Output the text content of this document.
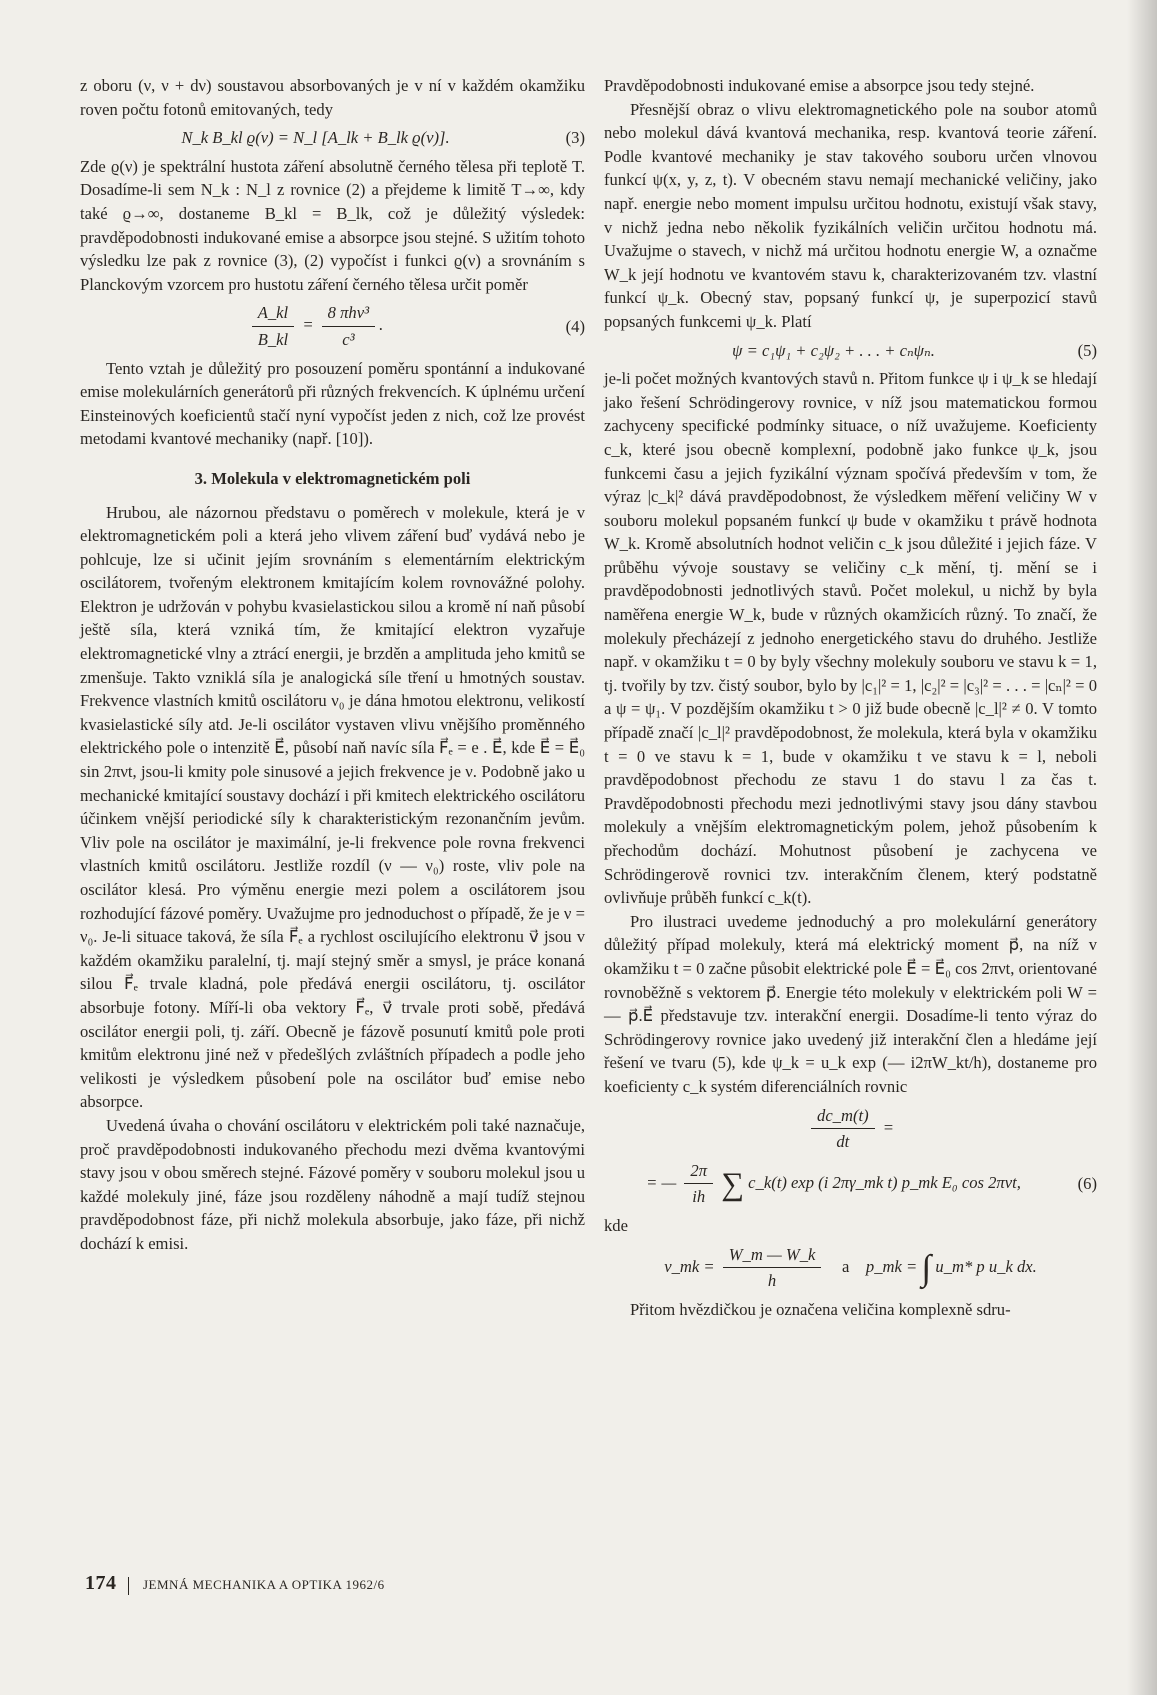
z oboru (ν, ν + dν) soustavou absorbovaných je v ní v každém okamžiku roven počtu fotonů emitovaných, tedy

N_k B_kl ϱ(ν) = N_l [A_lk + B_lk ϱ(ν)].	(3)

Zde ϱ(ν) je spektrální hustota záření absolutně černého tělesa při teplotě T. Dosadíme-li sem N_k : N_l z rovnice (2) a přejdeme k limitě T→∞, kdy také ϱ→∞, dostaneme B_kl = B_lk, což je důležitý výsledek: pravděpodobnosti indukované emise a absorpce jsou stejné. S užitím tohoto výsledku lze pak z rovnice (3), (2) vypočíst i funkci ϱ(ν) a srovnáním s Planckovým vzorcem pro hustotu záření černého tělesa určit poměr

$\frac{A\_kl}{B\_kl} = \frac{\text{8 πhν³}}{\text{c³}}$ .	(4)

Tento vztah je důležitý pro posouzení poměru spontánní a indukované emise molekulárních generátorů při různých frekvencích. K úplnému určení Einsteinových koeficientů stačí nyní vypočíst jeden z nich, což lze provést metodami kvantové mechaniky (např. [10]).

3. Molekula v elektromagnetickém poli

Hrubou, ale názornou představu o poměrech v molekule, která je v elektromagnetickém poli a která jeho vlivem záření buď vydává nebo je pohlcuje, lze si učinit jejím srovnáním s elementárním elektrickým oscilátorem, tvořeným elektronem kmitajícím kolem rovnovážné polohy. Elektron je udržován v pohybu kvasielastickou silou a kromě ní naň působí ještě síla, která vzniká tím, že kmitající elektron vyzařuje elektromagnetické vlny a ztrácí energii, je brzděn a amplituda jeho kmitů se zmenšuje. Takto vzniklá síla je analogická síle tření u hmotných soustav. Frekvence vlastních kmitů oscilátoru ν₀ je dána hmotou elektronu, velikostí kvasielastické síly atd. Je-li oscilátor vystaven vlivu vnějšího proměnného elektrického pole o intenzitě E⃗, působí naň navíc síla F⃗ₑ = e . E⃗, kde E⃗ = E⃗₀ sin 2πνt, jsou-li kmity pole sinusové a jejich frekvence je ν. Podobně jako u mechanické kmitající soustavy dochází i při kmitech elektrického oscilátoru účinkem vnější periodické síly k charakteristickým rezonančním jevům. Vliv pole na oscilátor je maximální, je-li frekvence pole rovna frekvenci vlastních kmitů oscilátoru. Jestliže rozdíl (ν — ν₀) roste, vliv pole na oscilátor klesá. Pro výměnu energie mezi polem a oscilátorem jsou rozhodující fázové poměry. Uvažujme pro jednoduchost o případě, že je ν = ν₀. Je-li situace taková, že síla F⃗ₑ a rychlost oscilujícího elektronu v⃗ jsou v každém okamžiku paralelní, tj. mají stejný směr a smysl, je práce konaná silou F⃗ₑ trvale kladná, pole předává energii oscilátoru, tj. oscilátor absorbuje fotony. Míří-li oba vektory F⃗ₑ, v⃗ trvale proti sobě, předává oscilátor energii poli, tj. září. Obecně je fázově posunutí kmitů pole proti kmitům elektronu jiné než v předešlých zvláštních případech a podle jeho velikosti je výsledkem působení pole na oscilátor buď emise nebo absorpce.

Uvedená úvaha o chování oscilátoru v elektrickém poli také naznačuje, proč pravděpodobnosti indukovaného přechodu mezi dvěma kvantovými stavy jsou v obou směrech stejné. Fázové poměry v souboru molekul jsou u každé molekuly jiné, fáze jsou rozděleny náhodně a mají tudíž stejnou pravděpodobnost fáze, při nichž molekula absorbuje, jako fáze, při nichž dochází k emisi.

Pravděpodobnosti indukované emise a absorpce jsou tedy stejné.

Přesnější obraz o vlivu elektromagnetického pole na soubor atomů nebo molekul dává kvantová mechanika, resp. kvantová teorie záření. Podle kvantové mechaniky je stav takového souboru určen vlnovou funkcí ψ(x, y, z, t). V obecném stavu nemají mechanické veličiny, jako např. energie nebo moment impulsu určitou hodnotu, existují však stavy, v nichž jedna nebo několik fyzikálních veličin určitou hodnotu má. Uvažujme o stavech, v nichž má určitou hodnotu energie W, a označme W_k její hodnotu ve kvantovém stavu k, charakterizovaném tzv. vlastní funkcí ψ_k. Obecný stav, popsaný funkcí ψ, je superpozicí stavů popsaných funkcemi ψ_k. Platí

ψ = c₁ψ₁ + c₂ψ₂ + . . . + cₙψₙ.	(5)

je-li počet možných kvantových stavů n. Přitom funkce ψ i ψ_k se hledají jako řešení Schrödingerovy rovnice, v níž jsou matematickou formou zachyceny specifické podmínky situace, o níž uvažujeme. Koeficienty c_k, které jsou obecně komplexní, podobně jako funkce ψ_k, jsou funkcemi času a jejich fyzikální význam spočívá především v tom, že výraz |c_k|² dává pravděpodobnost, že výsledkem měření veličiny W v souboru molekul popsaném funkcí ψ bude v okamžiku t právě hodnota W_k. Kromě absolutních hodnot veličin c_k jsou důležité i jejich fáze. V průběhu vývoje soustavy se veličiny c_k mění, tj. mění se i pravděpodobnosti jednotlivých stavů. Počet molekul, u nichž by byla naměřena energie W_k, bude v různých okamžicích různý. To značí, že molekuly přecházejí z jednoho energetického stavu do druhého. Jestliže např. v okamžiku t = 0 by byly všechny molekuly souboru ve stavu k = 1, tj. tvořily by tzv. čistý soubor, bylo by |c₁|² = 1, |c₂|² = |c₃|² = . . . = |cₙ|² = 0 a ψ = ψ₁. V pozdějším okamžiku t > 0 již bude obecně |c_l|² ≠ 0. V tomto případě značí |c_l|² pravděpodobnost, že molekula, která byla v okamžiku t = 0 ve stavu k = 1, bude v okamžiku t ve stavu k = l, neboli pravděpodobnost přechodu ze stavu 1 do stavu l za čas t. Pravděpodobnosti přechodu mezi jednotlivými stavy jsou dány stavbou molekuly a vnějším elektromagnetickým polem, jehož působením k přechodům dochází. Mohutnost působení je zachycena ve Schrödingerově rovnici tzv. interakčním členem, který podstatně ovlivňuje průběh funkcí c_k(t).

Pro ilustraci uvedeme jednoduchý a pro molekulární generátory důležitý případ molekuly, která má elektrický moment p⃗, na níž v okamžiku t = 0 začne působit elektrické pole E⃗ = E⃗₀ cos 2πνt, orientované rovnoběžně s vektorem p⃗. Energie této molekuly v elektrickém poli W = — p⃗.E⃗ představuje tzv. interakční energii. Dosadíme-li tento výraz do Schrödingerovy rovnice jako uvedený již interakční člen a hledáme její řešení ve tvaru (5), kde ψ_k = u_k exp (— i2πW_kt/h), dostaneme pro koeficienty c_k systém diferenciálních rovnic

$\frac{dc\_m(t)}{dt}$ =
= — $\frac{2\pi}{ih}$ ∑ c_k(t) exp (i 2πγ_mk t) p_mk E₀ cos 2πνt,	(6)

kde

ν_mk = $\frac{W\_m — W\_k}{h}$ a p_mk = ∫ u_m* p u_k dx.

Přitom hvězdičkou je označena veličina komplexně sdru-

174 JEMNÁ MECHANIKA A OPTIKA 1962/6
